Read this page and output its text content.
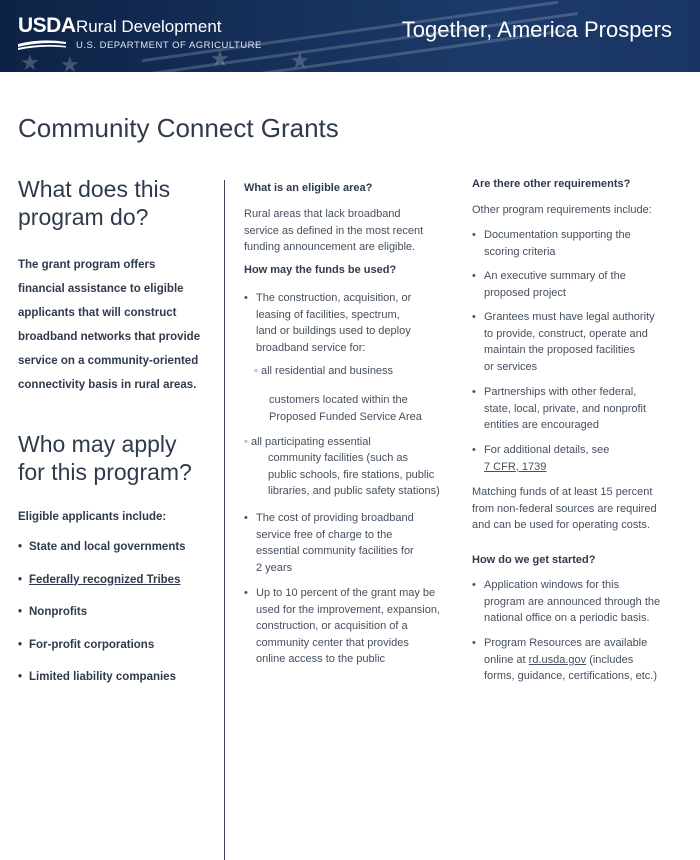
★	★
★ ★
USDA Rural Development
U.S. DEPARTMENT OF AGRICULTURE
Together, America Prospers
Community Connect Grants
What does this
program do?
The grant program offers
financial assistance to eligible
applicants that will construct
broadband networks that provide
service on a community-oriented
connectivity basis in rural areas.
Who may apply
for this program?
Eligible applicants include:
• State and local governments
• Federally recognized Tribes
• Nonprofits
• For-profit corporations
• Limited liability companies
What is an eligible area?
Rural areas that lack broadband
service as defined in the most recent
funding announcement are eligible.
How may the funds be used?
• The construction, acquisition, or
leasing of facilities, spectrum,
land or buildings used to deploy
broadband service for:
◦ all residential and business
customers located within the
Proposed Funded Service Area
◦ all participating essential
community facilities (such as
public schools, fire stations, public
libraries, and public safety stations)
• The cost of providing broadband
service free of charge to the
essential community facilities for
2 years
• Up to 10 percent of the grant may be
used for the improvement, expansion,
construction, or acquisition of a
community center that provides
online access to the public
Are there other requirements?
Other program requirements include:
• Documentation supporting the
scoring criteria
• An executive summary of the
proposed project
• Grantees must have legal authority
to provide, construct, operate and
maintain the proposed facilities
or services
• Partnerships with other federal,
state, local, private, and nonprofit
entities are encouraged
• For additional details, see
7 CFR, 1739
Matching funds of at least 15 percent
from non-federal sources are required
and can be used for operating costs.
How do we get started?
• Application windows for this
program are announced through the
national office on a periodic basis.
• Program Resources are available
online at rd.usda.gov (includes
forms, guidance, certifications, etc.)
